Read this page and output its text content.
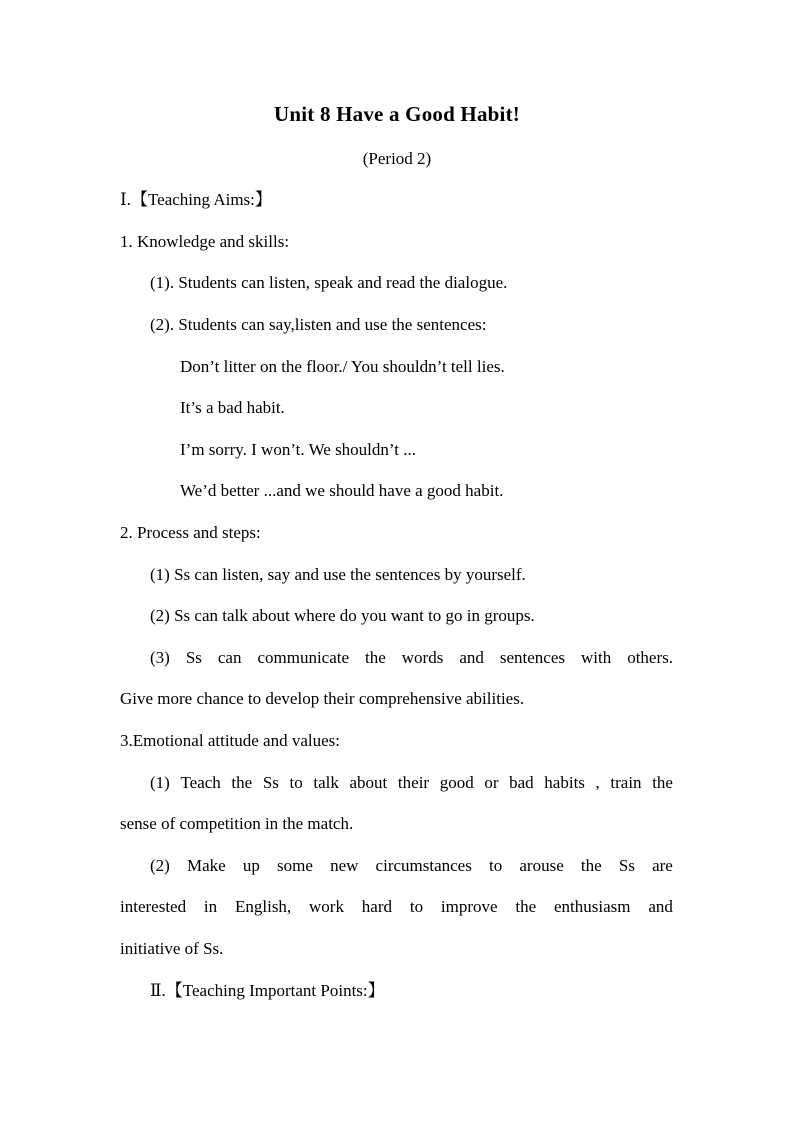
Unit 8 Have a Good Habit!
(Period 2)
Ⅰ.【Teaching Aims:】
1. Knowledge and skills:
(1). Students can listen, speak and read the dialogue.
(2). Students can say,listen and use the sentences:
Don’t litter on the floor./ You shouldn’t tell lies.
It’s a bad habit.
I’m sorry. I won’t. We shouldn’t ...
We’d better ...and we should have a good habit.
2. Process and steps:
(1) Ss can listen, say and use the sentences by yourself.
(2) Ss can talk about where do you want to go in groups.
(3) Ss can communicate the words and sentences with others.
Give more chance to develop their comprehensive abilities.
3.Emotional attitude and values:
(1) Teach the Ss to talk about their good or bad habits , train the
sense of competition in the match.
(2) Make up some new circumstances to arouse the Ss are
interested in English, work hard to improve the enthusiasm and
initiative of Ss.
Ⅱ.【Teaching Important Points:】
